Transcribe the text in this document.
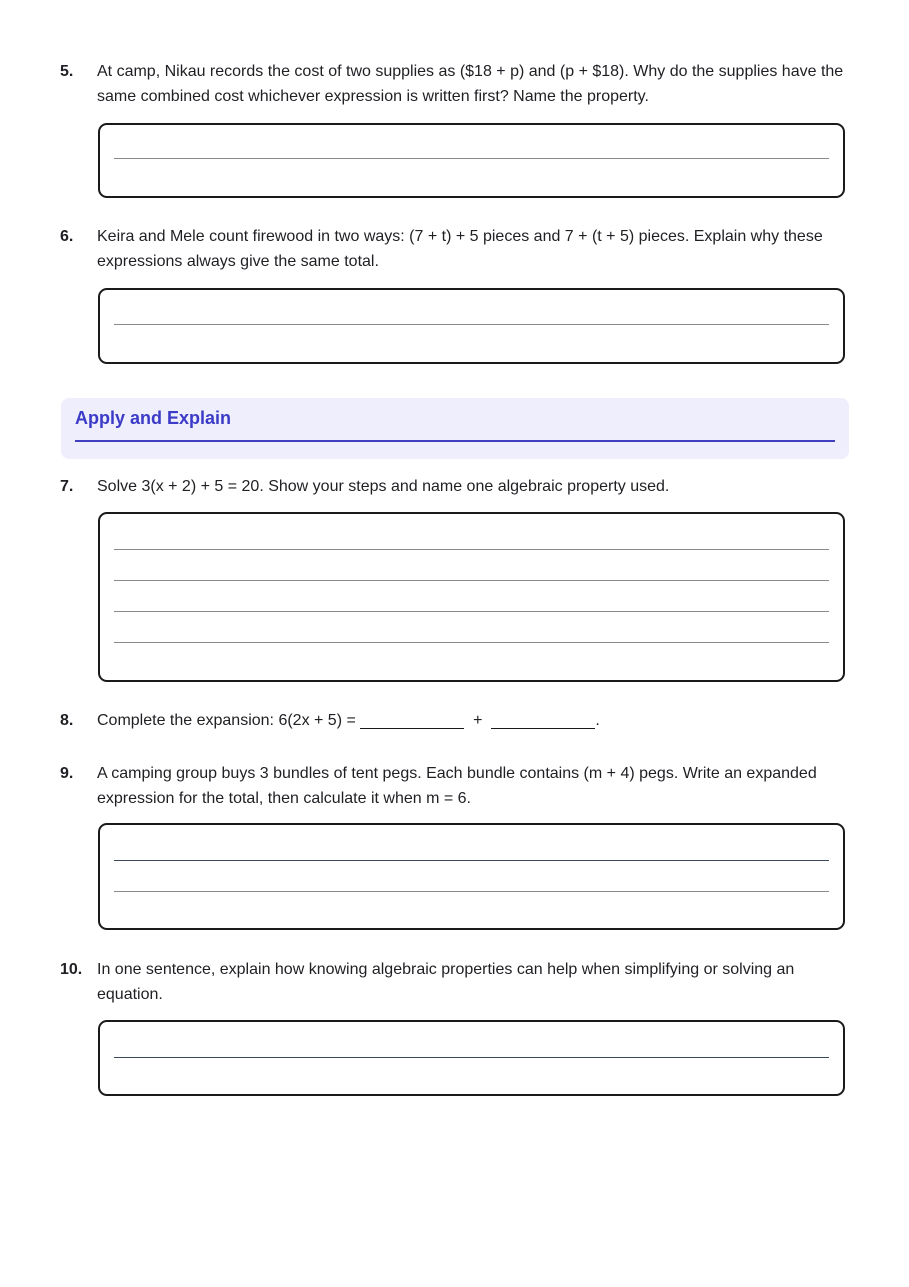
5. At camp, Nikau records the cost of two supplies as ($18 + p) and (p + $18). Why do the supplies have the same combined cost whichever expression is written first? Name the property.
6. Keira and Mele count firewood in two ways: (7 + t) + 5 pieces and 7 + (t + 5) pieces. Explain why these expressions always give the same total.
Apply and Explain
7. Solve 3(x + 2) + 5 = 20. Show your steps and name one algebraic property used.
8. Complete the expansion: 6(2x + 5) =	+	.
9. A camping group buys 3 bundles of tent pegs. Each bundle contains (m + 4) pegs. Write an expanded expression for the total, then calculate it when m = 6.
10. In one sentence, explain how knowing algebraic properties can help when simplifying or solving an equation.
